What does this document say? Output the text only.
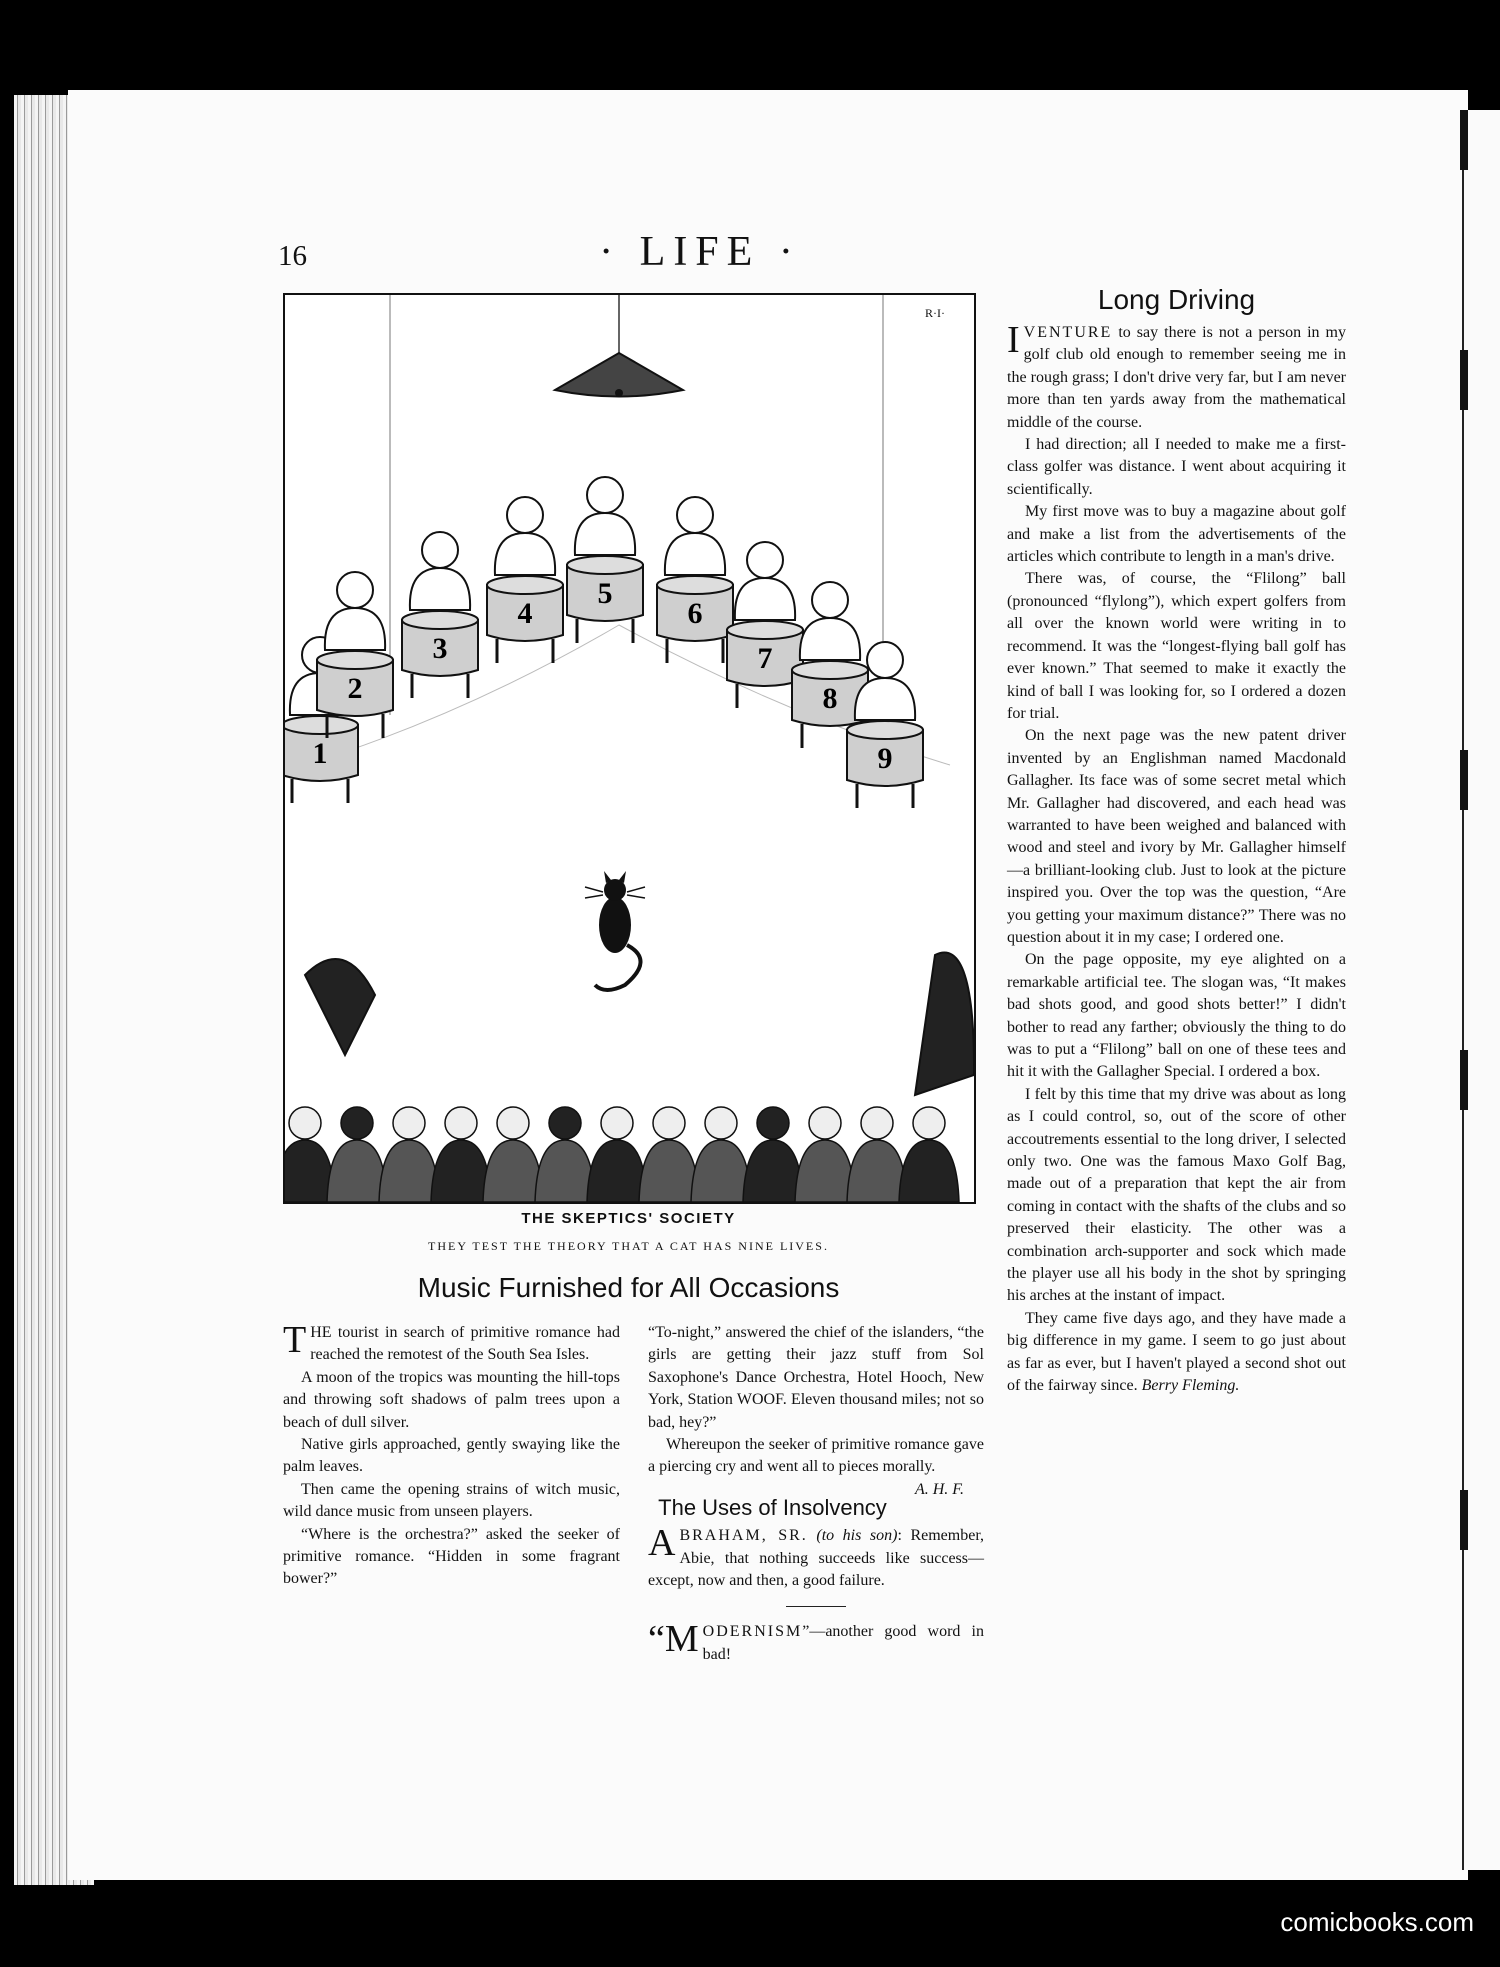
16	· LIFE ·
R·I·
1
2
3
4
5
6
7
8
9
THE SKEPTICS' SOCIETY
THEY TEST THE THEORY THAT A CAT HAS NINE LIVES.
Music Furnished for All Occasions

THE tourist in search of primitive romance had reached the remotest of the South Sea Isles.

A moon of the tropics was mounting the hill-tops and throwing soft shadows of palm trees upon a beach of dull silver.

Native girls approached, gently swaying like the palm leaves.

Then came the opening strains of witch music, wild dance music from unseen players.

“Where is the orchestra?” asked the seeker of primitive romance. “Hidden in some fragrant bower?”

“To-night,” answered the chief of the islanders, “the girls are getting their jazz stuff from Sol Saxophone's Dance Orchestra, Hotel Hooch, New York, Station WOOF. Eleven thousand miles; not so bad, hey?”

Whereupon the seeker of primitive romance gave a piercing cry and went all to pieces morally.
A. H. F.

The Uses of Insolvency

ABRAHAM, SR. (to his son): Remember, Abie, that nothing succeeds like success—except, now and then, a good failure.

“MODERNISM”—another good word in bad!

Long Driving

IVENTURE to say there is not a person in my golf club old enough to remember seeing me in the rough grass; I don't drive very far, but I am never more than ten yards away from the mathematical middle of the course.

I had direction; all I needed to make me a first-class golfer was distance. I went about acquiring it scientifically.

My first move was to buy a magazine about golf and make a list from the advertisements of the articles which contribute to length in a man's drive.

There was, of course, the “Flilong” ball (pronounced “flylong”), which expert golfers from all over the known world were writing in to recommend. It was the “longest-flying ball golf has ever known.” That seemed to make it exactly the kind of ball I was looking for, so I ordered a dozen for trial.

On the next page was the new patent driver invented by an Englishman named Macdonald Gallagher. Its face was of some secret metal which Mr. Gallagher had discovered, and each head was warranted to have been weighed and balanced with wood and steel and ivory by Mr. Gallagher himself—a brilliant-looking club. Just to look at the picture inspired you. Over the top was the question, “Are you getting your maximum distance?” There was no question about it in my case; I ordered one.

On the page opposite, my eye alighted on a remarkable artificial tee. The slogan was, “It makes bad shots good, and good shots better!” I didn't bother to read any farther; obviously the thing to do was to put a “Flilong” ball on one of these tees and hit it with the Gallagher Special. I ordered a box.

I felt by this time that my drive was about as long as I could control, so, out of the score of other accoutrements essential to the long driver, I selected only two. One was the famous Maxo Golf Bag, made out of a preparation that kept the air from coming in contact with the shafts of the clubs and so preserved their elasticity. The other was a combination arch-supporter and sock which made the player use all his body in the shot by springing his arches at the instant of impact.

They came five days ago, and they have made a big difference in my game. I seem to go just about as far as ever, but I haven't played a second shot out of the fairway since. Berry Fleming.

comicbooks.com
